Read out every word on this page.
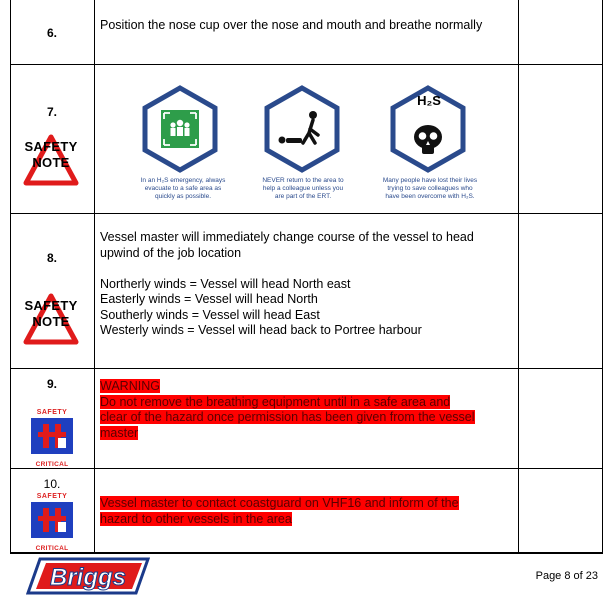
6.
Position the nose cup over the nose and mouth and breathe normally
7.
SAFETY NOTE
In an H₂S emergency, always evacuate to a safe area as quickly as possible.
NEVER return to the area to help a colleague unless you are part of the ERT.
H₂S
Many people have lost their lives trying to save colleagues who have been overcome with H₂S.
8.
SAFETY NOTE
Vessel master will immediately change course of the vessel to head
upwind of the job location
Northerly winds = Vessel will head North east
Easterly winds = Vessel will head North
Southerly winds = Vessel will head East
Westerly winds = Vessel will head back to Portree harbour
9.
SAFETY
CRITICAL
WARNING
Do not remove the breathing equipment until in a safe area and
clear of the hazard once permission has been given from the vessel
master
10.
SAFETY
CRITICAL
Vessel master to contact coastguard on VHF16 and inform of the
hazard to other vessels in the area
Briggs	Page 8 of 23
